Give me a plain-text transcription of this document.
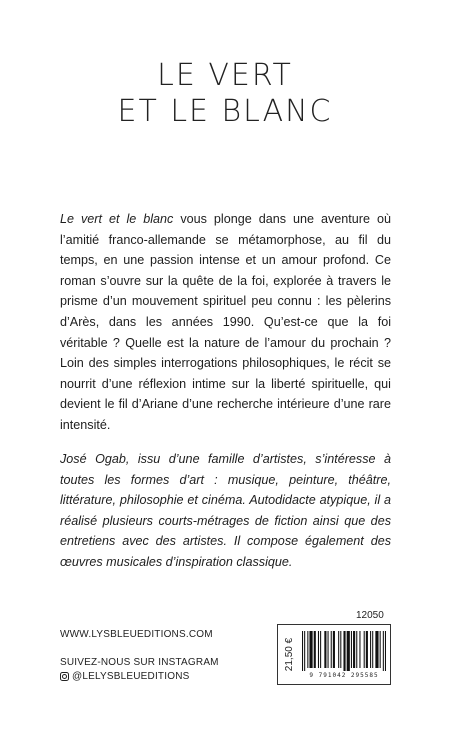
LE VERT
ET LE BLANC
Le vert et le blanc vous plonge dans une aventure où l’amitié franco-allemande se métamorphose, au fil du temps, en une passion intense et un amour profond. Ce roman s’ouvre sur la quête de la foi, explorée à travers le prisme d’un mouvement spirituel peu connu : les pèlerins d’Arès, dans les années 1990. Qu’est-ce que la foi véritable ? Quelle est la nature de l’amour du prochain ? Loin des simples interrogations philosophiques, le récit se nourrit d’une réflexion intime sur la liberté spirituelle, qui devient le fil d’Ariane d’une recherche intérieure d’une rare intensité.
José Ogab, issu d’une famille d’artistes, s’intéresse à toutes les formes d’art : musique, peinture, théâtre, littérature, philosophie et cinéma. Autodidacte atypique, il a réalisé plusieurs courts-métrages de fiction ainsi que des entretiens avec des artistes. Il compose également des œuvres musicales d’inspiration classique.
12050
WWW.LYSBLEUEDITIONS.COM
SUIVEZ-NOUS SUR INSTAGRAM
@LELYSBLEUEDITIONS
21,50 €
9 791042 295585
